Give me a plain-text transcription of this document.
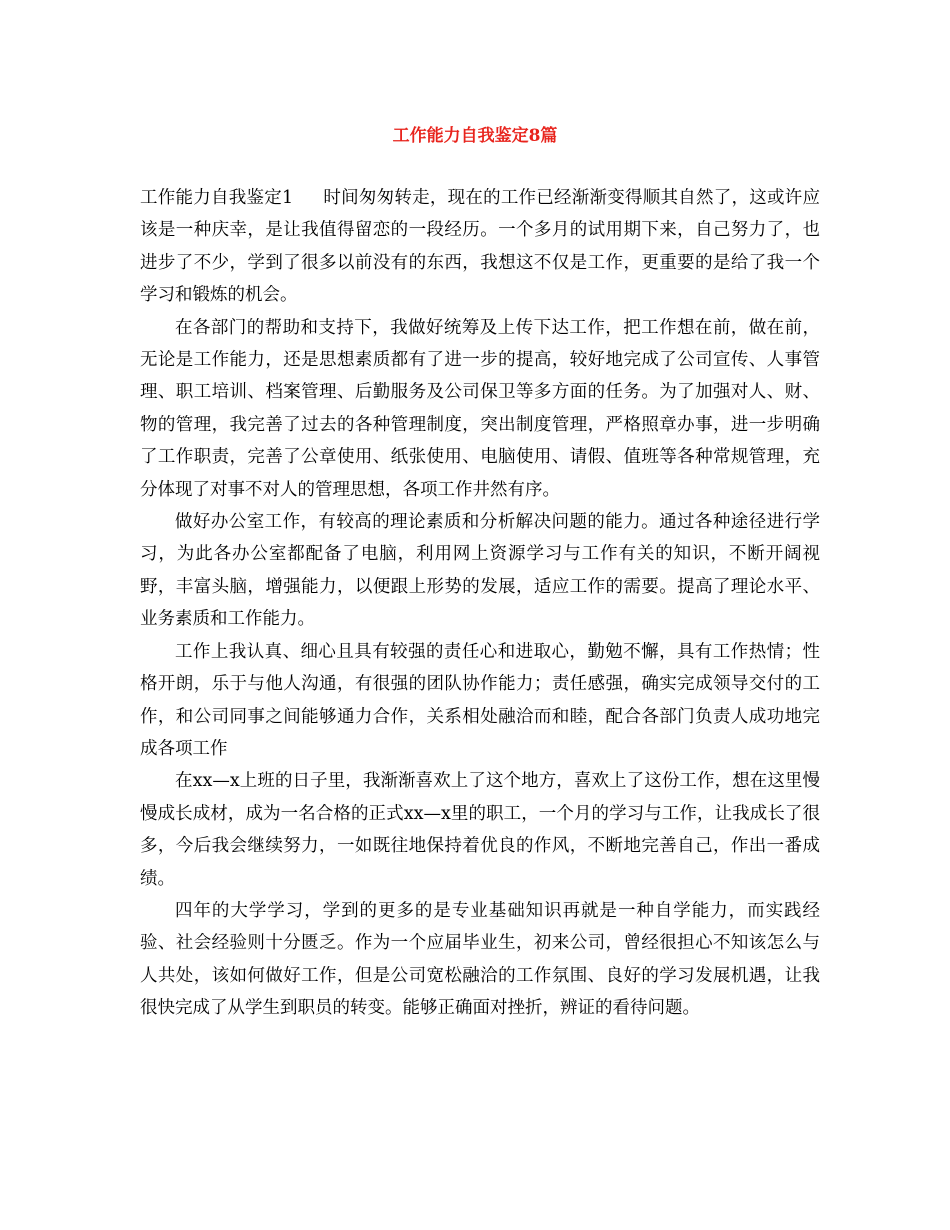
工作能力自我鉴定8篇

工作能力自我鉴定1 时间匆匆转走，现在的工作已经渐渐变得顺其自然了，这或许应该是一种庆幸，是让我值得留恋的一段经历。一个多月的试用期下来，自己努力了，也进步了不少，学到了很多以前没有的东西，我想这不仅是工作，更重要的是给了我一个学习和锻炼的机会。

在各部门的帮助和支持下，我做好统筹及上传下达工作，把工作想在前，做在前，无论是工作能力，还是思想素质都有了进一步的提高，较好地完成了公司宣传、人事管理、职工培训、档案管理、后勤服务及公司保卫等多方面的任务。为了加强对人、财、物的管理，我完善了过去的各种管理制度，突出制度管理，严格照章办事，进一步明确了工作职责，完善了公章使用、纸张使用、电脑使用、请假、值班等各种常规管理，充分体现了对事不对人的管理思想，各项工作井然有序。

做好办公室工作，有较高的理论素质和分析解决问题的能力。通过各种途径进行学习，为此各办公室都配备了电脑，利用网上资源学习与工作有关的知识，不断开阔视野，丰富头脑，增强能力，以便跟上形势的发展，适应工作的需要。提高了理论水平、业务素质和工作能力。

工作上我认真、细心且具有较强的责任心和进取心，勤勉不懈，具有工作热情；性格开朗，乐于与他人沟通，有很强的团队协作能力；责任感强，确实完成领导交付的工作，和公司同事之间能够通力合作，关系相处融洽而和睦，配合各部门负责人成功地完成各项工作

在xx—x上班的日子里，我渐渐喜欢上了这个地方，喜欢上了这份工作，想在这里慢慢成长成材，成为一名合格的正式xx—x里的职工，一个月的学习与工作，让我成长了很多，今后我会继续努力，一如既往地保持着优良的作风，不断地完善自己，作出一番成绩。

四年的大学学习，学到的更多的是专业基础知识再就是一种自学能力，而实践经验、社会经验则十分匮乏。作为一个应届毕业生，初来公司，曾经很担心不知该怎么与人共处，该如何做好工作，但是公司宽松融洽的工作氛围、良好的学习发展机遇，让我很快完成了从学生到职员的转变。能够正确面对挫折，辨证的看待问题。
